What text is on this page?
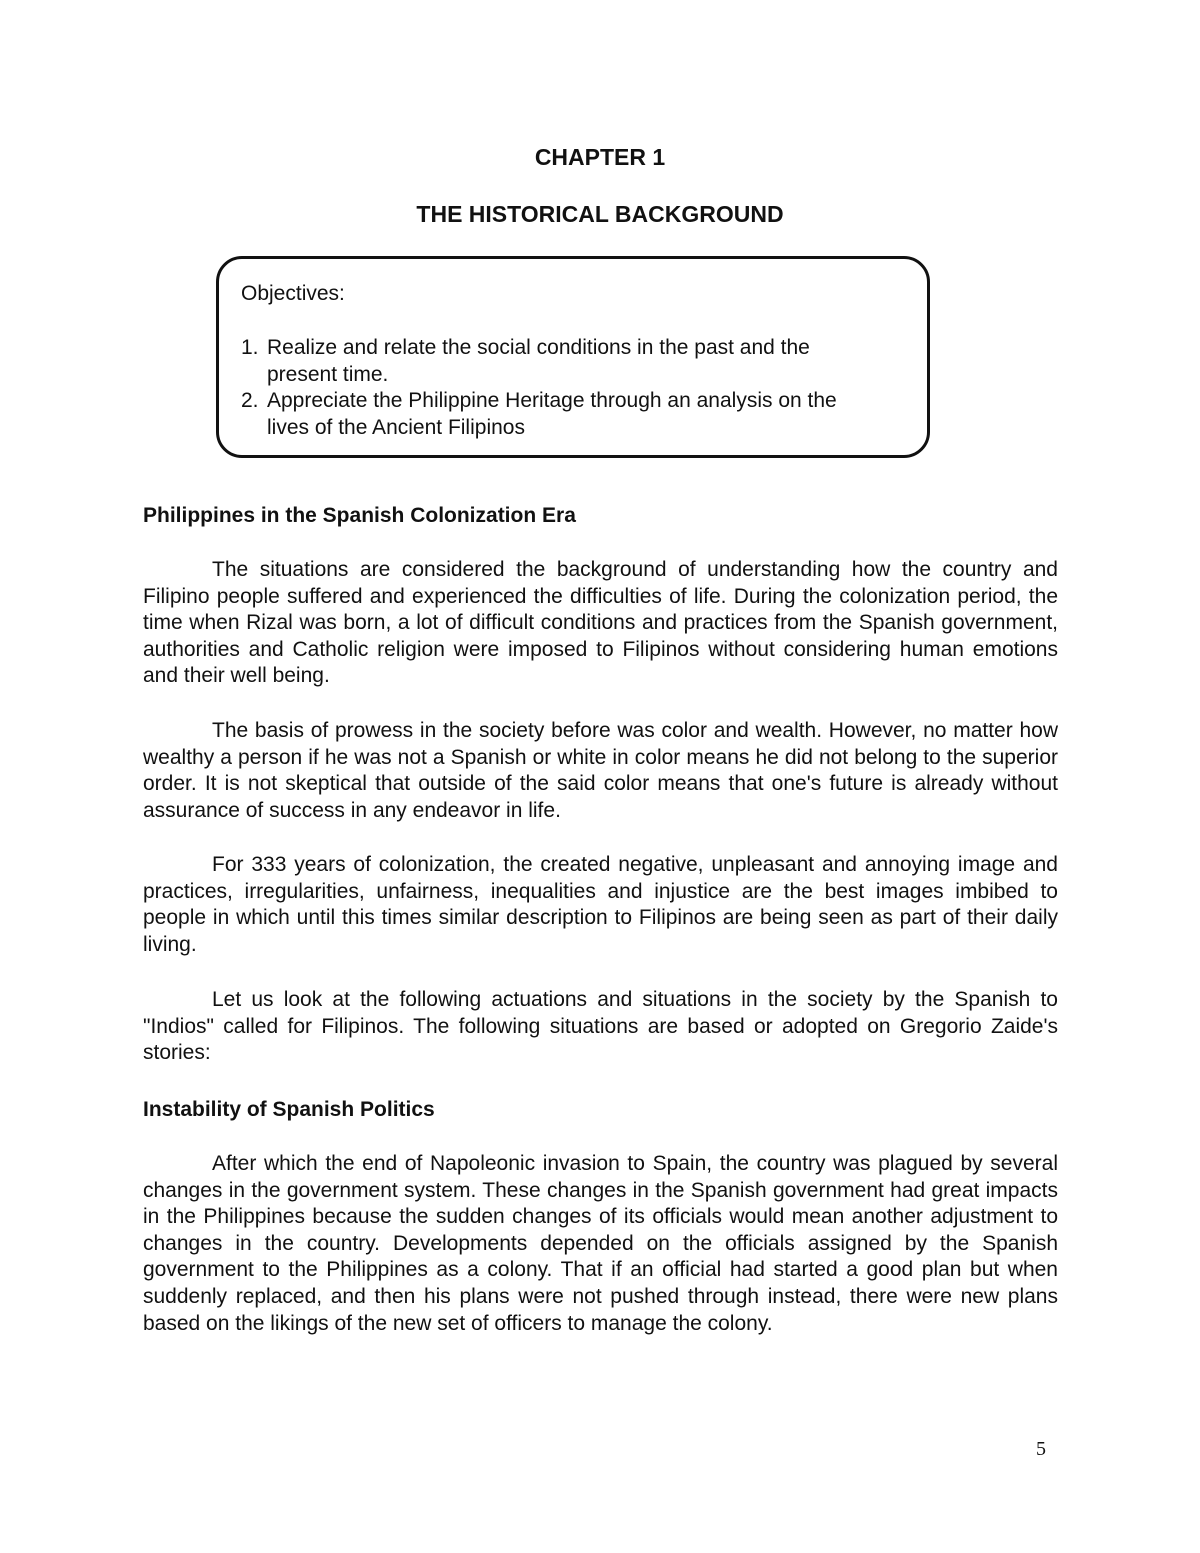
CHAPTER 1
THE HISTORICAL BACKGROUND
Objectives:
1. Realize and relate the social conditions in the past and the present time.
2. Appreciate the Philippine Heritage through an analysis on the lives of the Ancient Filipinos
Philippines in the Spanish Colonization Era

The situations are considered the background of understanding how the country and Filipino people suffered and experienced the difficulties of life. During the colonization period, the time when Rizal was born, a lot of difficult conditions and practices from the Spanish government, authorities and Catholic religion were imposed to Filipinos without considering human emotions and their well being.

The basis of prowess in the society before was color and wealth. However, no matter how wealthy a person if he was not a Spanish or white in color means he did not belong to the superior order. It is not skeptical that outside of the said color means that one's future is already without assurance of success in any endeavor in life.

For 333 years of colonization, the created negative, unpleasant and annoying image and practices, irregularities, unfairness, inequalities and injustice are the best images imbibed to people in which until this times similar description to Filipinos are being seen as part of their daily living.

Let us look at the following actuations and situations in the society by the Spanish to "Indios" called for Filipinos. The following situations are based or adopted on Gregorio Zaide's stories:

Instability of Spanish Politics

After which the end of Napoleonic invasion to Spain, the country was plagued by several changes in the government system. These changes in the Spanish government had great impacts in the Philippines because the sudden changes of its officials would mean another adjustment to changes in the country. Developments depended on the officials assigned by the Spanish government to the Philippines as a colony. That if an official had started a good plan but when suddenly replaced, and then his plans were not pushed through instead, there were new plans based on the likings of the new set of officers to manage the colony.

5
